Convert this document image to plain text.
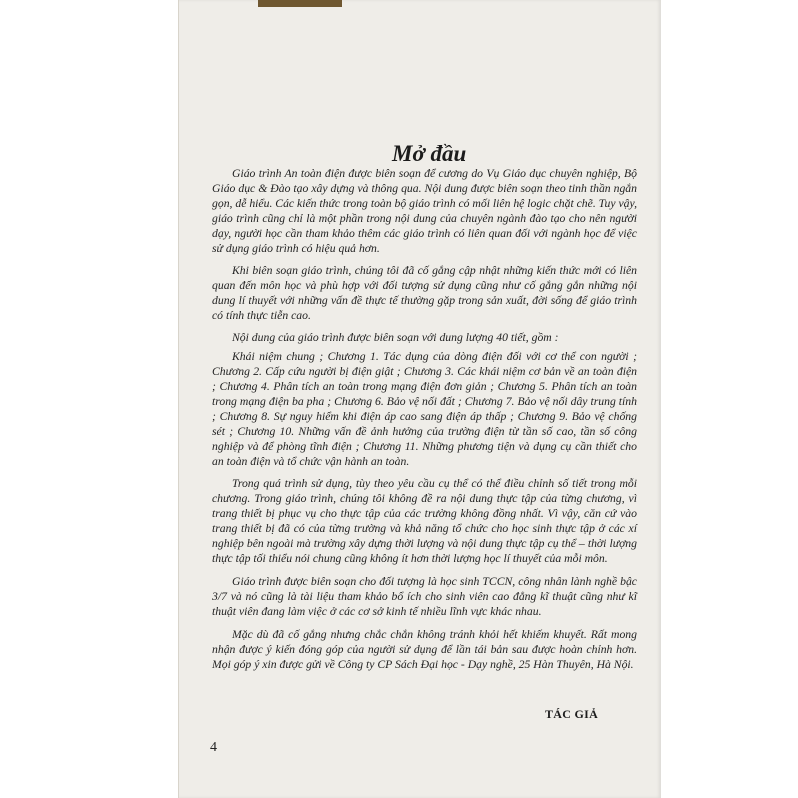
Mở đầu

Giáo trình An toàn điện được biên soạn để cương do Vụ Giáo dục chuyên nghiệp, Bộ Giáo dục & Đào tạo xây dựng và thông qua. Nội dung được biên soạn theo tinh thần ngắn gọn, dễ hiểu. Các kiến thức trong toàn bộ giáo trình có mối liên hệ logic chặt chẽ. Tuy vậy, giáo trình cũng chỉ là một phần trong nội dung của chuyên ngành đào tạo cho nên người dạy, người học cần tham khảo thêm các giáo trình có liên quan đối với ngành học để việc sử dụng giáo trình có hiệu quả hơn.

Khi biên soạn giáo trình, chúng tôi đã cố gắng cập nhật những kiến thức mới có liên quan đến môn học và phù hợp với đối tượng sử dụng cũng như cố gắng gắn những nội dung lí thuyết với những vấn đề thực tế thường gặp trong sản xuất, đời sống để giáo trình có tính thực tiễn cao.

Nội dung của giáo trình được biên soạn với dung lượng 40 tiết, gồm :

Khái niệm chung ; Chương 1. Tác dụng của dòng điện đối với cơ thể con người ; Chương 2. Cấp cứu người bị điện giật ; Chương 3. Các khái niệm cơ bản về an toàn điện ; Chương 4. Phân tích an toàn trong mạng điện đơn giản ; Chương 5. Phân tích an toàn trong mạng điện ba pha ; Chương 6. Bảo vệ nối đất ; Chương 7. Bảo vệ nối dây trung tính ; Chương 8. Sự nguy hiểm khi điện áp cao sang điện áp thấp ; Chương 9. Bảo vệ chống sét ; Chương 10. Những vấn đề ảnh hưởng của trường điện từ tần số cao, tần số công nghiệp và để phòng tĩnh điện ; Chương 11. Những phương tiện và dụng cụ cần thiết cho an toàn điện và tổ chức vận hành an toàn.

Trong quá trình sử dụng, tùy theo yêu cầu cụ thể có thể điều chỉnh số tiết trong mỗi chương. Trong giáo trình, chúng tôi không đề ra nội dung thực tập của từng chương, vì trang thiết bị phục vụ cho thực tập của các trường không đồng nhất. Vì vậy, căn cứ vào trang thiết bị đã có của từng trường và khả năng tổ chức cho học sinh thực tập ở các xí nghiệp bên ngoài mà trường xây dựng thời lượng và nội dung thực tập cụ thể – thời lượng thực tập tối thiểu nói chung cũng không ít hơn thời lượng học lí thuyết của mỗi môn.

Giáo trình được biên soạn cho đối tượng là học sinh TCCN, công nhân lành nghề bậc 3/7 và nó cũng là tài liệu tham khảo bổ ích cho sinh viên cao đẳng kĩ thuật cũng như kĩ thuật viên đang làm việc ở các cơ sở kinh tế nhiều lĩnh vực khác nhau.

Mặc dù đã cố gắng nhưng chắc chắn không tránh khỏi hết khiếm khuyết. Rất mong nhận được ý kiến đóng góp của người sử dụng để lần tái bản sau được hoàn chỉnh hơn. Mọi góp ý xin được gửi về Công ty CP Sách Đại học - Dạy nghề, 25 Hàn Thuyên, Hà Nội.

TÁC GIẢ
4
